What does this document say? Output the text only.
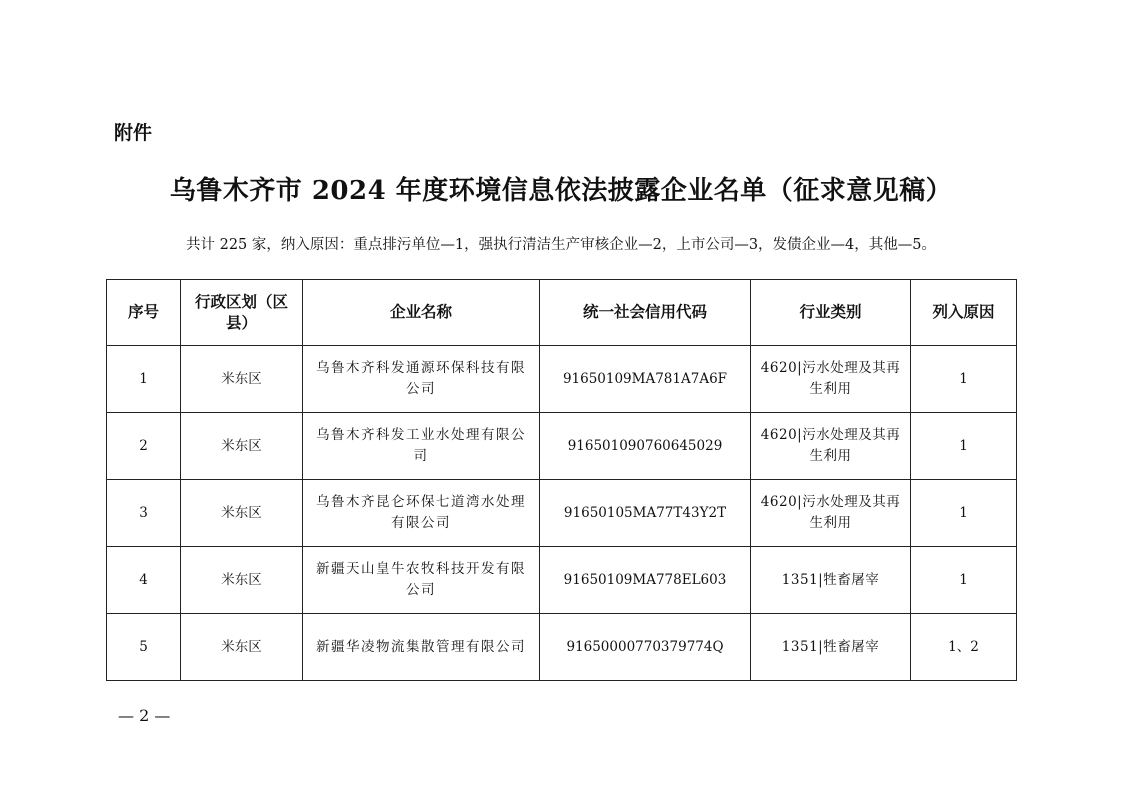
附件
乌鲁木齐市 2024 年度环境信息依法披露企业名单（征求意见稿）
共计 225 家，纳入原因：重点排污单位—1，强执行清洁生产审核企业—2，上市公司—3，发债企业—4，其他—5。
序号	行政区划（区县）	企业名称	统一社会信用代码	行业类别	列入原因
1	米东区	乌鲁木齐科发通源环保科技有限公司	91650109MA781A7A6F	4620|污水处理及其再生利用	1
2	米东区	乌鲁木齐科发工业水处理有限公司	916501090760645029	4620|污水处理及其再生利用	1
3	米东区	乌鲁木齐昆仑环保七道湾水处理有限公司	91650105MA77T43Y2T	4620|污水处理及其再生利用	1
4	米东区	新疆天山皇牛农牧科技开发有限公司	91650109MA778EL603	1351|牲畜屠宰	1
5	米东区	新疆华凌物流集散管理有限公司	91650000770379774Q	1351|牲畜屠宰	1、2
— 2 —
